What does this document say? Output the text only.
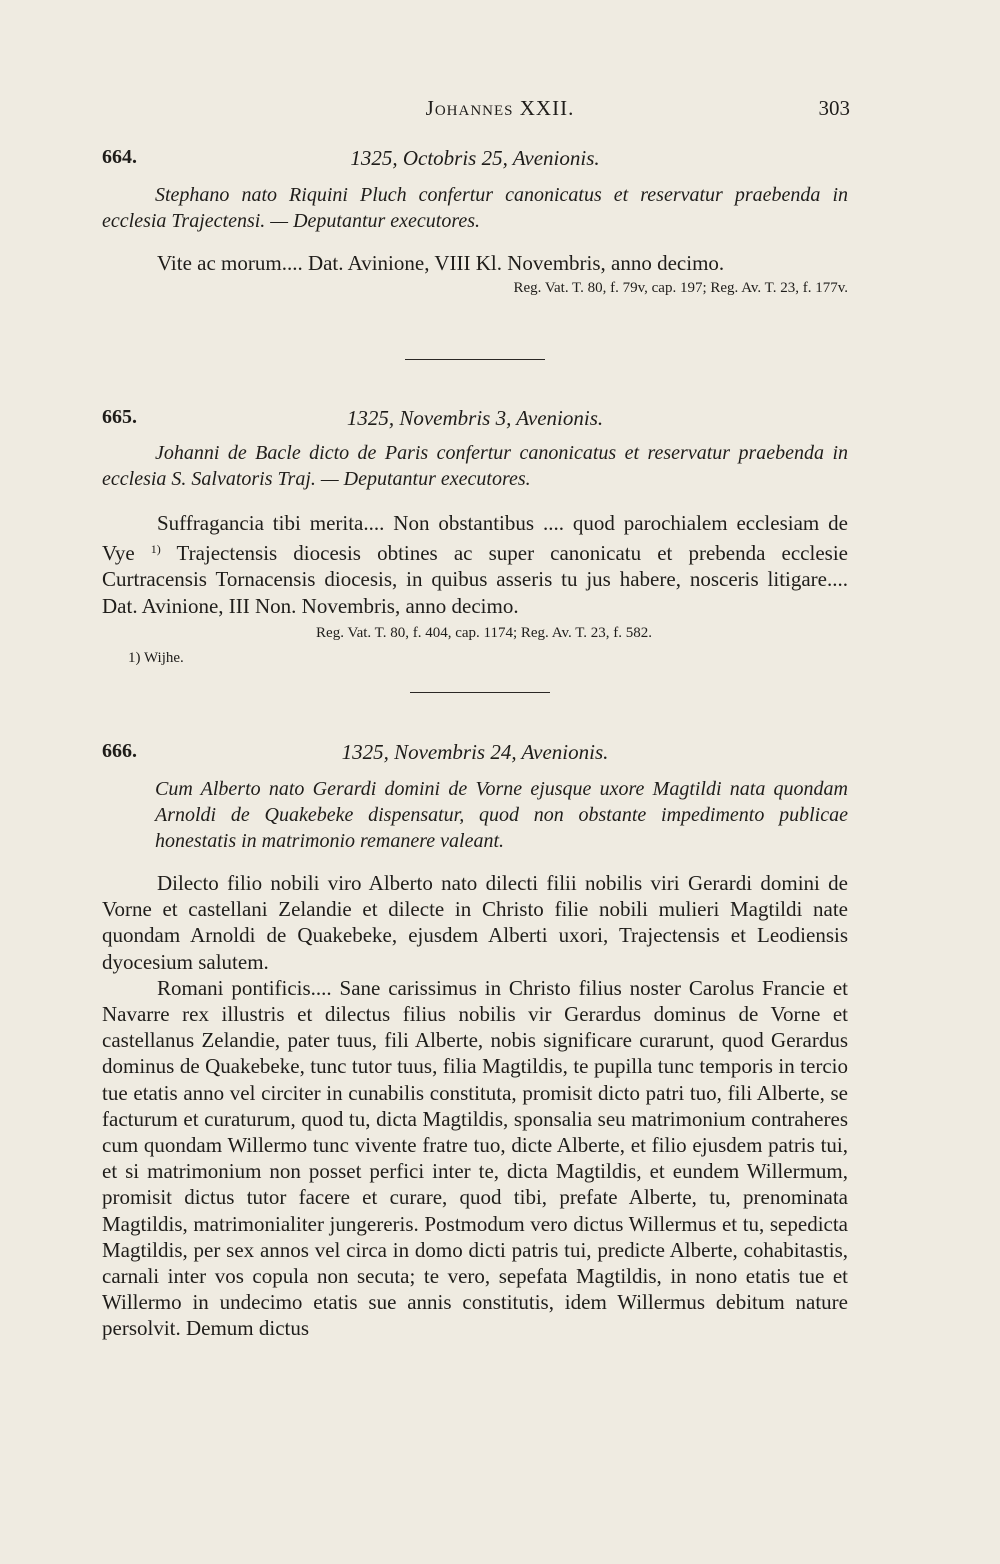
Johannes XXII.	303
664.	1325, Octobris 25, Avenionis.

Stephano nato Riquini Pluch confertur canonicatus et reservatur praebenda in ecclesia Trajectensi. — Deputantur executores.

Vite ac morum.... Dat. Avinione, VIII Kl. Novembris, anno decimo.

Reg. Vat. T. 80, f. 79v, cap. 197; Reg. Av. T. 23, f. 177v.

665.	1325, Novembris 3, Avenionis.

Johanni de Bacle dicto de Paris confertur canonicatus et reservatur praebenda in ecclesia S. Salvatoris Traj. — Deputantur executores.

Suffragancia tibi merita.... Non obstantibus .... quod parochialem ecclesiam de Vye $^{1)}$ Trajectensis diocesis obtines ac super canonicatu et prebenda ecclesie Curtracensis Tornacensis diocesis, in quibus asseris tu jus habere, nosceris litigare.... Dat. Avinione, III Non. Novembris, anno decimo.

Reg. Vat. T. 80, f. 404, cap. 1174; Reg. Av. T. 23, f. 582.

1) Wijhe.
666.	1325, Novembris 24, Avenionis.

Cum Alberto nato Gerardi domini de Vorne ejusque uxore Magtildi nata quondam Arnoldi de Quakebeke dispensatur, quod non obstante impedimento publicae honestatis in matrimonio remanere valeant.

Dilecto filio nobili viro Alberto nato dilecti filii nobilis viri Gerardi domini de Vorne et castellani Zelandie et dilecte in Christo filie nobili mulieri Magtildi nate quondam Arnoldi de Quakebeke, ejusdem Alberti uxori, Trajectensis et Leodiensis dyocesium salutem.

Romani pontificis.... Sane carissimus in Christo filius noster Carolus Francie et Navarre rex illustris et dilectus filius nobilis vir Gerardus dominus de Vorne et castellanus Zelandie, pater tuus, fili Alberte, nobis significare curarunt, quod Gerardus dominus de Quakebeke, tunc tutor tuus, filia Magtildis, te pupilla tunc temporis in tercio tue etatis anno vel circiter in cunabilis constituta, promisit dicto patri tuo, fili Alberte, se facturum et curaturum, quod tu, dicta Magtildis, sponsalia seu matrimonium contraheres cum quondam Willermo tunc vivente fratre tuo, dicte Alberte, et filio ejusdem patris tui, et si matrimonium non posset perfici inter te, dicta Magtildis, et eundem Willermum, promisit dictus tutor facere et curare, quod tibi, prefate Alberte, tu, prenominata Magtildis, matrimonialiter jungereris. Postmodum vero dictus Willermus et tu, sepedicta Magtildis, per sex annos vel circa in domo dicti patris tui, predicte Alberte, cohabitastis, carnali inter vos copula non secuta; te vero, sepefata Magtildis, in nono etatis tue et Willermo in undecimo etatis sue annis constitutis, idem Willermus debitum nature persolvit. Demum dictus
